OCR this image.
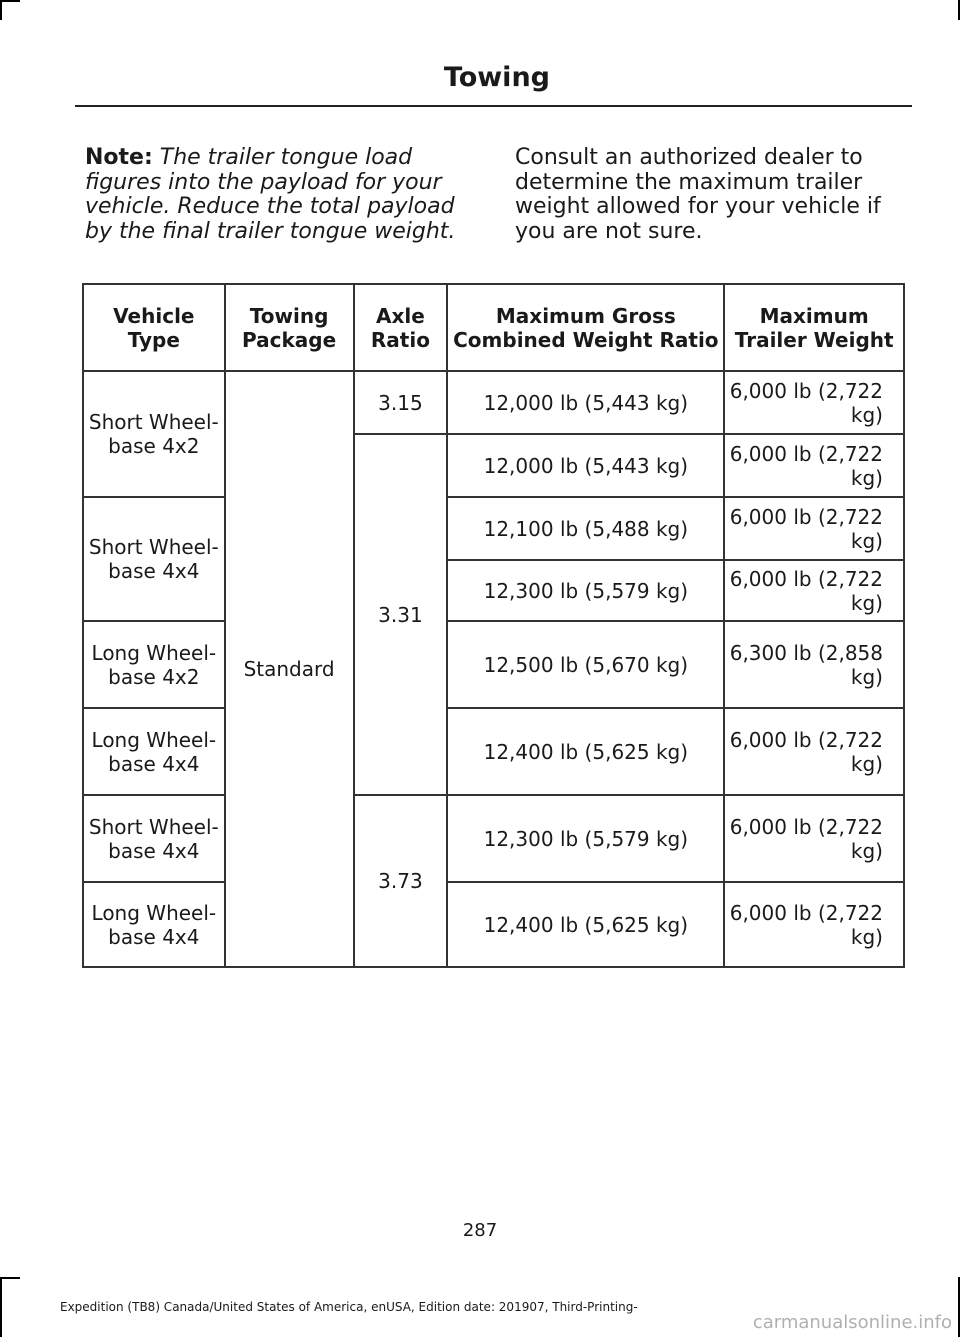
Towing
Note: The trailer tongue load figures into the payload for your vehicle. Reduce the total payload by the final trailer tongue weight.
Consult an authorized dealer to determine the maximum trailer weight allowed for your vehicle if you are not sure.
Vehicle Type	Towing Package	Axle Ratio	Maximum Gross Combined Weight Ratio	Maximum Trailer Weight
Short Wheel-base 4x2	Standard	3.15	12,000 lb (5,443 kg)	6,000 lb (2,722 kg)
		3.31	12,000 lb (5,443 kg)	6,000 lb (2,722 kg)
Short Wheel-base 4x4			12,100 lb (5,488 kg)	6,000 lb (2,722 kg)
			12,300 lb (5,579 kg)	6,000 lb (2,722 kg)
Long Wheel-base 4x2			12,500 lb (5,670 kg)	6,300 lb (2,858 kg)
Long Wheel-base 4x4			12,400 lb (5,625 kg)	6,000 lb (2,722 kg)
Short Wheel-base 4x4		3.73	12,300 lb (5,579 kg)	6,000 lb (2,722 kg)
Long Wheel-base 4x4			12,400 lb (5,625 kg)	6,000 lb (2,722 kg)
287
Expedition (TB8) Canada/United States of America, enUSA, Edition date: 201907, Third-Printing-
carmanualsonline.info
